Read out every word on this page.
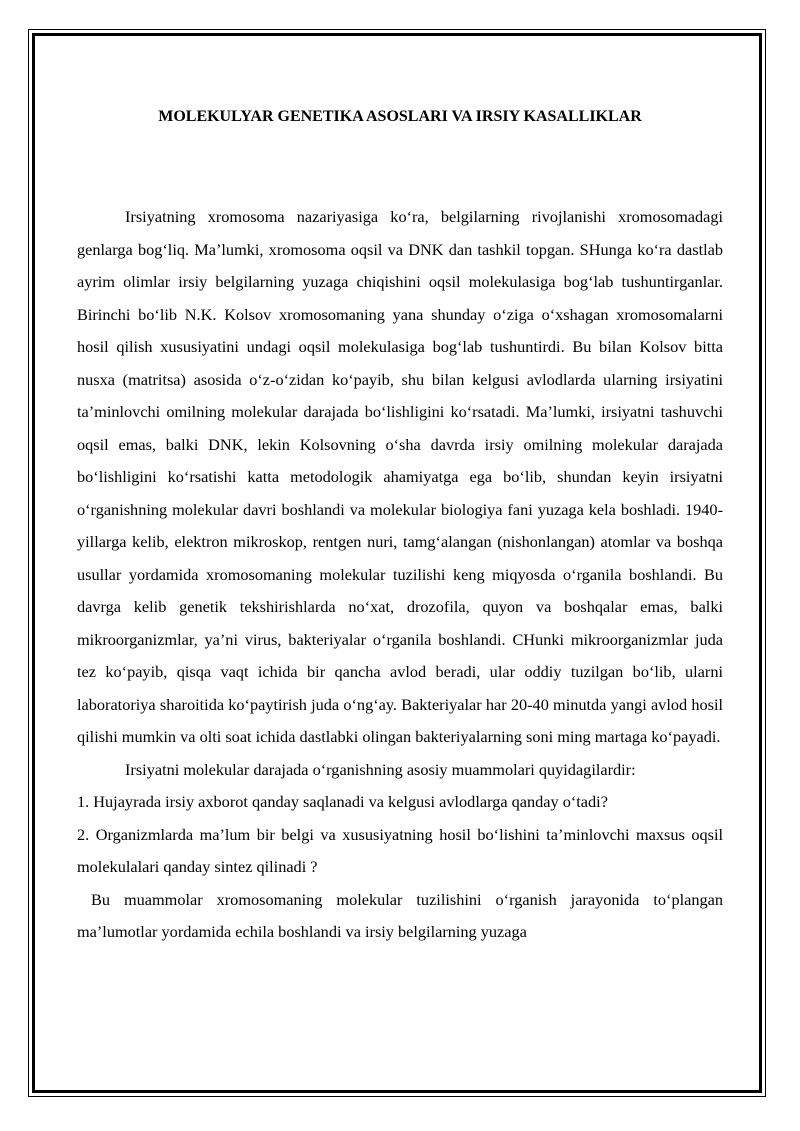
MOLEKULYAR GENETIKA ASOSLARI VA IRSIY KASALLIKLAR

Irsiyatning xromosoma nazariyasiga ko‘ra, belgilarning rivojlanishi xromosomadagi genlarga bog‘liq. Ma’lumki, xromosoma oqsil va DNK dan tashkil topgan. SHunga ko‘ra dastlab ayrim olimlar irsiy belgilarning yuzaga chiqishini oqsil molekulasiga bog‘lab tushuntirganlar. Birinchi bo‘lib N.K. Kolsov xromosomaning yana shunday o‘ziga o‘xshagan xromosomalarni hosil qilish xususiyatini undagi oqsil molekulasiga bog‘lab tushuntirdi. Bu bilan Kolsov bitta nusxa (matritsa) asosida o‘z-o‘zidan ko‘payib, shu bilan kelgusi avlodlarda ularning irsiyatini ta’minlovchi omilning molekular darajada bo‘lishligini ko‘rsatadi. Ma’lumki, irsiyatni tashuvchi oqsil emas, balki DNK, lekin Kolsovning o‘sha davrda irsiy omilning molekular darajada bo‘lishligini ko‘rsatishi katta metodologik ahamiyatga ega bo‘lib, shundan keyin irsiyatni o‘rganishning molekular davri boshlandi va molekular biologiya fani yuzaga kela boshladi. 1940-yillarga kelib, elektron mikroskop, rentgen nuri, tamg‘alangan (nishonlangan) atomlar va boshqa usullar yordamida xromosomaning molekular tuzilishi keng miqyosda o‘rganila boshlandi. Bu davrga kelib genetik tekshirishlarda no‘xat, drozofila, quyon va boshqalar emas, balki mikroorganizmlar, ya’ni virus, bakteriyalar o‘rganila boshlandi. CHunki mikroorganizmlar juda tez ko‘payib, qisqa vaqt ichida bir qancha avlod beradi, ular oddiy tuzilgan bo‘lib, ularni laboratoriya sharoitida ko‘paytirish juda o‘ng‘ay. Bakteriyalar har 20-40 minutda yangi avlod hosil qilishi mumkin va olti soat ichida dastlabki olingan bakteriyalarning soni ming martaga ko‘payadi.

Irsiyatni molekular darajada o‘rganishning asosiy muammolari quyidagilardir:

1. Hujayrada irsiy axborot qanday saqlanadi va kelgusi avlodlarga qanday o‘tadi?

2. Organizmlarda ma’lum bir belgi va xususiyatning hosil bo‘lishini ta’minlovchi maxsus oqsil molekulalari qanday sintez qilinadi ?

Bu muammolar xromosomaning molekular tuzilishini o‘rganish jarayonida to‘plangan ma’lumotlar yordamida echila boshlandi va irsiy belgilarning yuzaga
